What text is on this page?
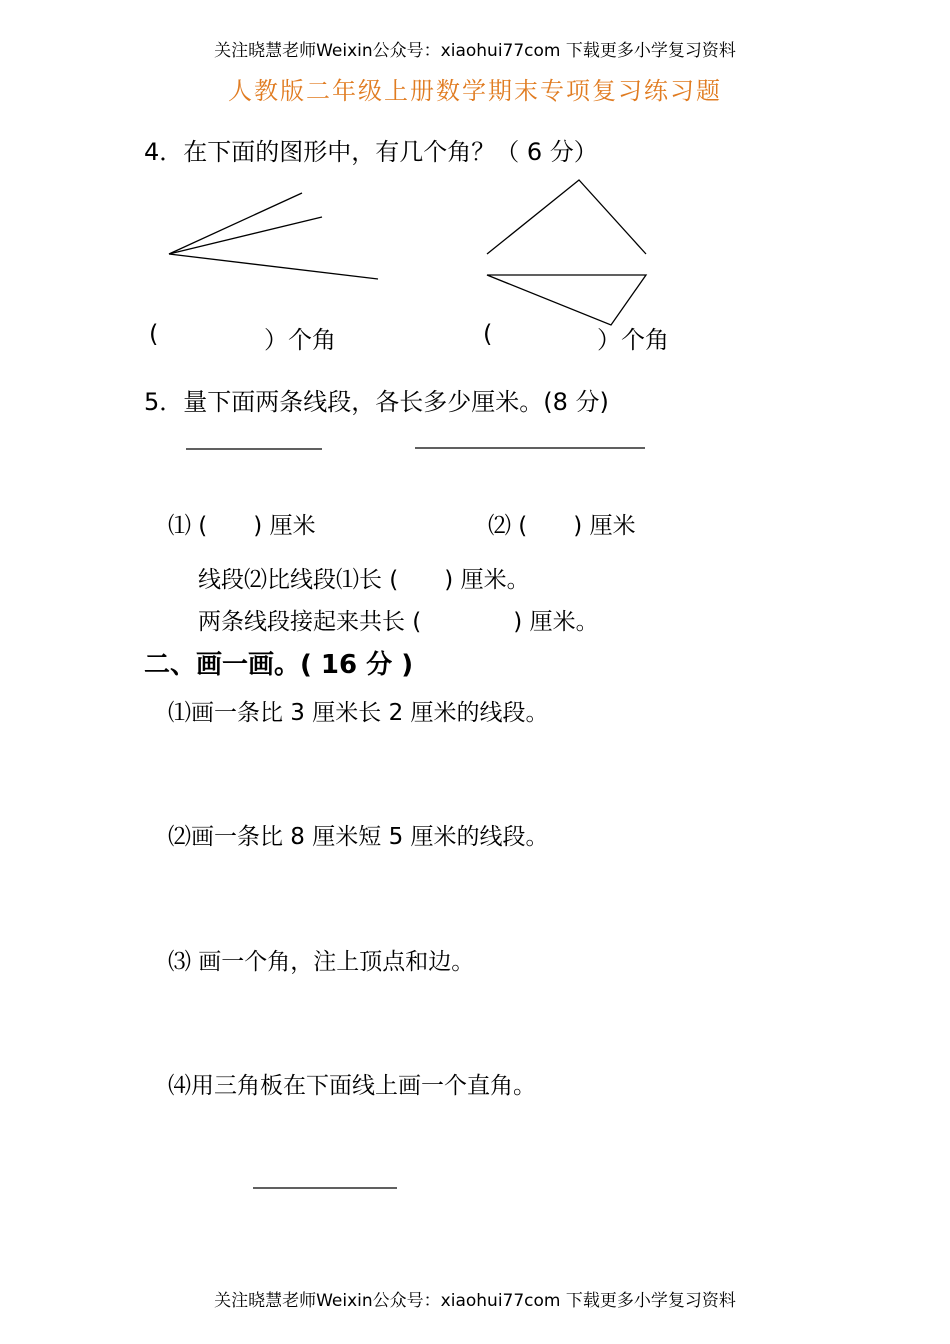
关注晓慧老师Weixin公众号：xiaohui77com 下载更多小学复习资料
人教版二年级上册数学期末专项复习练习题
4．在下面的图形中，有几个角？（ 6 分）
(	）个角	(	）个角
5．量下面两条线段，各长多少厘米。(8 分)
⑴ (　　) 厘米	⑵ (　　) 厘米
线段⑵比线段⑴长 (　　) 厘米。
两条线段接起来共长 (　　　　) 厘米。
二、画一画。( 16 分 )
⑴画一条比 3 厘米长 2 厘米的线段。
⑵画一条比 8 厘米短 5 厘米的线段。
⑶ 画一个角，注上顶点和边。
⑷用三角板在下面线上画一个直角。
关注晓慧老师Weixin公众号：xiaohui77com 下载更多小学复习资料
